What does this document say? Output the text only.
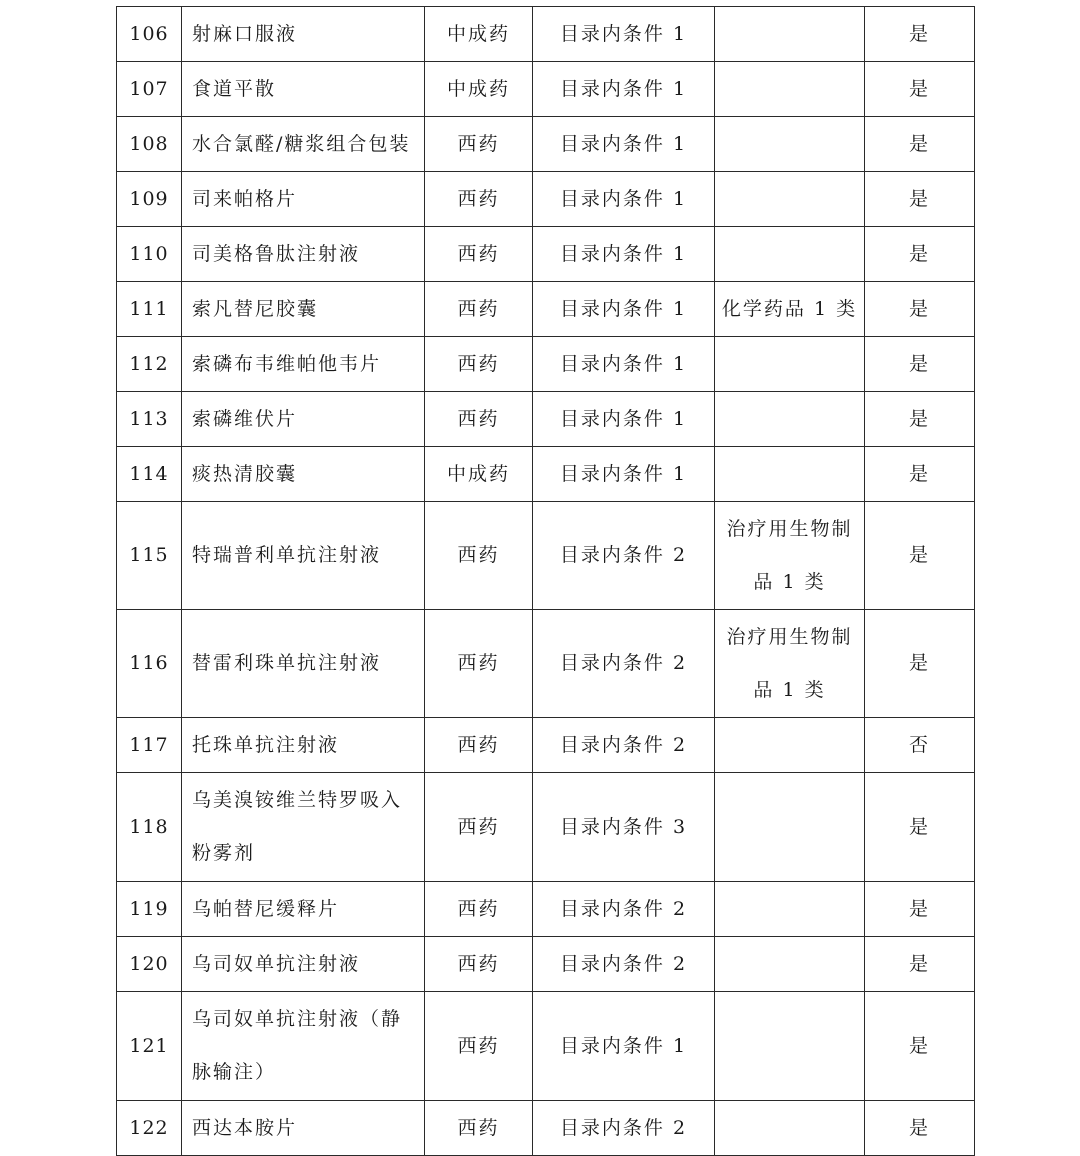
106	射麻口服液	中成药	目录内条件 1		是
107	食道平散	中成药	目录内条件 1		是
108	水合氯醛/糖浆组合包装	西药	目录内条件 1		是
109	司来帕格片	西药	目录内条件 1		是
110	司美格鲁肽注射液	西药	目录内条件 1		是
111	索凡替尼胶囊	西药	目录内条件 1	化学药品 1 类	是
112	索磷布韦维帕他韦片	西药	目录内条件 1		是
113	索磷维伏片	西药	目录内条件 1		是
114	痰热清胶囊	中成药	目录内条件 1		是
115	特瑞普利单抗注射液	西药	目录内条件 2	治疗用生物制品 1 类	是
116	替雷利珠单抗注射液	西药	目录内条件 2	治疗用生物制品 1 类	是
117	托珠单抗注射液	西药	目录内条件 2		否
118	乌美溴铵维兰特罗吸入粉雾剂	西药	目录内条件 3		是
119	乌帕替尼缓释片	西药	目录内条件 2		是
120	乌司奴单抗注射液	西药	目录内条件 2		是
121	乌司奴单抗注射液（静脉输注）	西药	目录内条件 1		是
122	西达本胺片	西药	目录内条件 2		是
